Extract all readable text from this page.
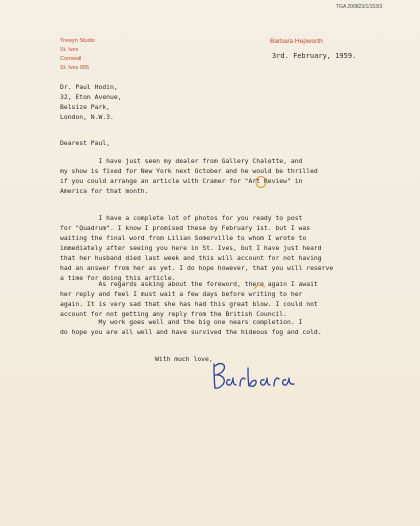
TGA 200823/1/153/3
Trewyn Studio
St. Ives
Cornwall
St. Ives 905
Barbara Hepworth
3rd. February, 1959.
Dr. Paul Hodin,
32, Eton Avenue,
Belsize Park,
London, N.W.3.
Dearest Paul,
I have just seen my dealer from Gallery Chalette, and
my show is fixed for New York next October and he would be thrilled
if you could arrange an article with Cramer for "Art Review" in
America for that month.
I have a complete lot of photos for you ready to post
for "Quadrum". I know I promised these by February 1st. but I was
waiting the final word from Lilian Somerville to whom I wrote to
immediately after seeing you here in St. Ives, but I have just heard
that her husband died last week and this will account for not having
had an answer from her as yet. I do hope however, that you will reserve
a time for doing this article.
As regards asking about the foreword, there again I await
her reply and feel I must wait a few days before writing to her
again. It is very sad that she has had this great blow. I could not
account for not getting any reply from the British Council.
My work goes well and the big one nears completion. I
do hope you are all well and have survived the hideous fog and cold.
With much love,
